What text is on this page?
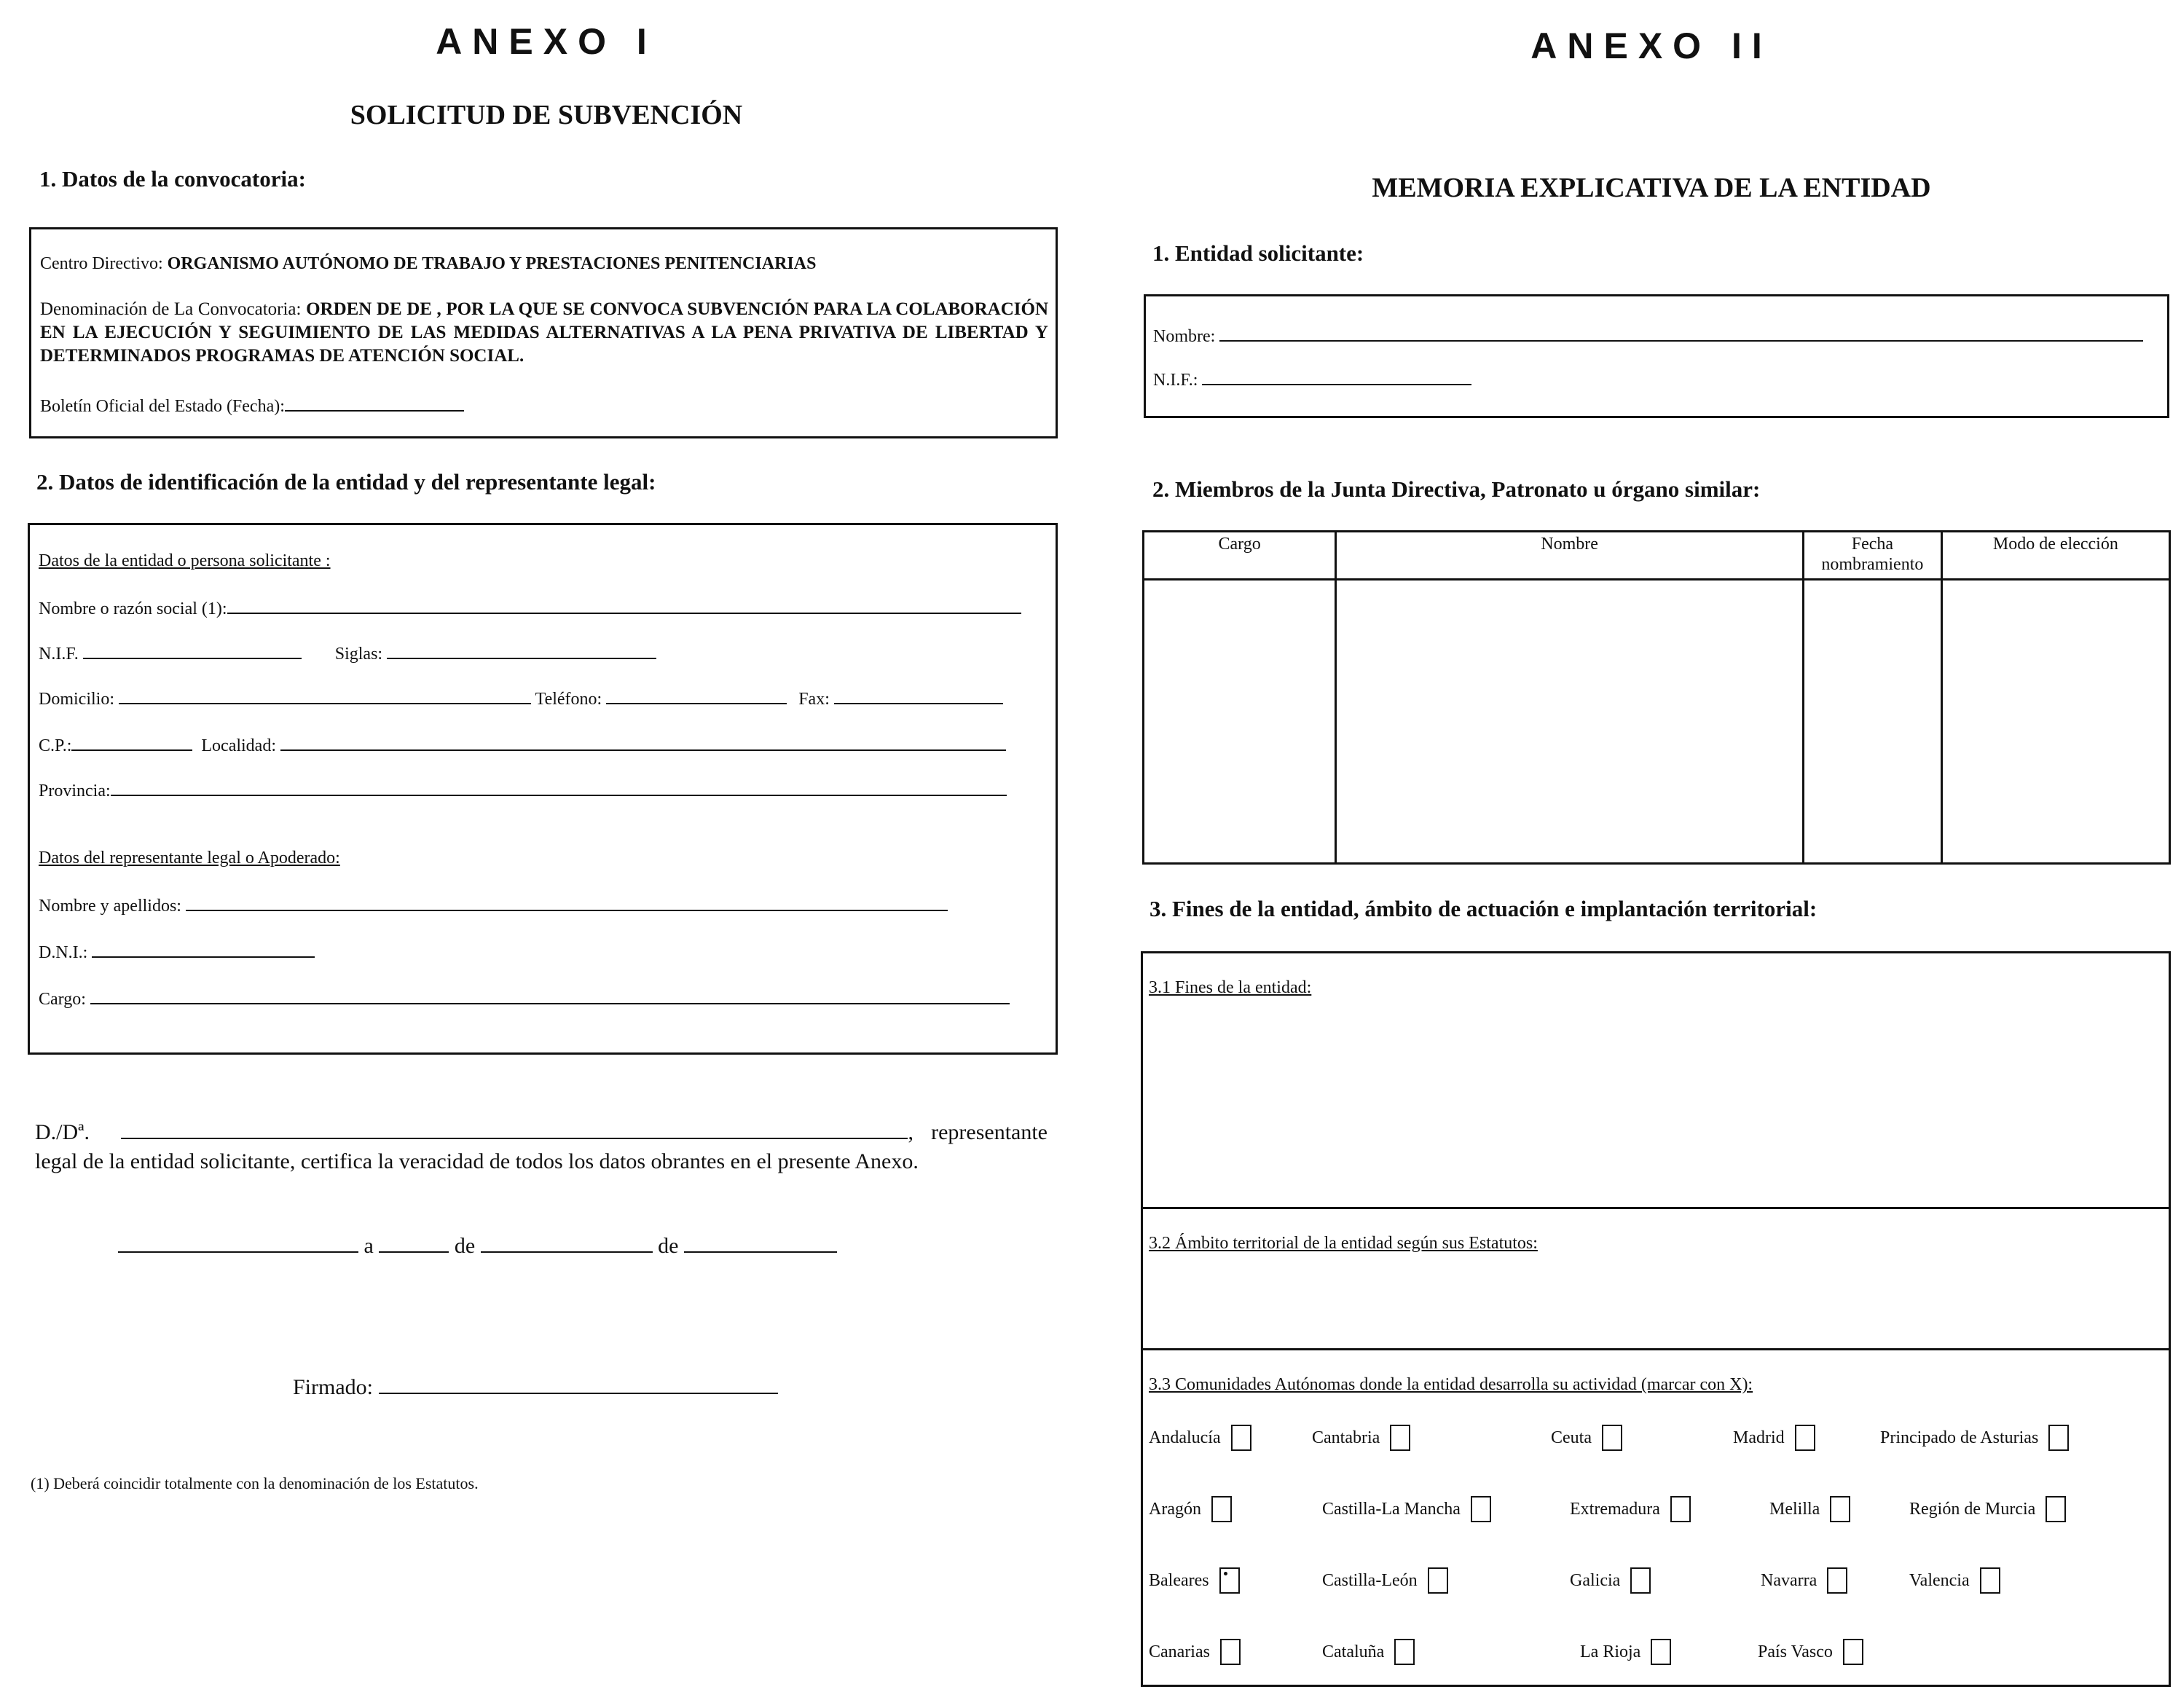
ANEXO I
SOLICITUD DE SUBVENCIÓN
1. Datos de la convocatoria:
Centro Directivo: ORGANISMO AUTÓNOMO DE TRABAJO Y PRESTACIONES PENITENCIARIAS
Denominación de La Convocatoria: ORDEN DE DE , POR LA QUE SE CONVOCA SUBVENCIÓN PARA LA COLABORACIÓN EN LA EJECUCIÓN Y SEGUIMIENTO DE LAS MEDIDAS ALTERNATIVAS A LA PENA PRIVATIVA DE LIBERTAD Y DETERMINADOS PROGRAMAS DE ATENCIÓN SOCIAL.
Boletín Oficial del Estado (Fecha):
2. Datos de identificación de la entidad y del representante legal:
Datos de la entidad o persona solicitante :
Nombre o razón social (1):
N.I.F.	Siglas:
Domicilio:	Teléfono:	Fax:
C.P.:	Localidad:
Provincia:
Datos del representante legal o Apoderado:
Nombre y apellidos:
D.N.I.:
Cargo:
D./Dª.	, representante
legal de la entidad solicitante, certifica la veracidad de todos los datos obrantes en el presente Anexo.
a	de	de
Firmado:
(1) Deberá coincidir totalmente con la denominación de los Estatutos.
ANEXO II
MEMORIA EXPLICATIVA DE LA ENTIDAD
1. Entidad solicitante:
Nombre:
N.I.F.:
2. Miembros de la Junta Directiva, Patronato u órgano similar:
Cargo	Nombre	Fecha nombramiento	Modo de elección

3. Fines de la entidad, ámbito de actuación e implantación territorial:
3.1 Fines de la entidad:
3.2 Ámbito territorial de la entidad según sus Estatutos:
3.3 Comunidades Autónomas donde la entidad desarrolla su actividad (marcar con X):
Andalucía	Cantabria	Ceuta	Madrid	Principado de Asturias
Aragón	Castilla-La Mancha	Extremadura	Melilla	Región de Murcia
Baleares	Castilla-León	Galicia	Navarra	Valencia
Canarias	Cataluña	La Rioja	País Vasco
